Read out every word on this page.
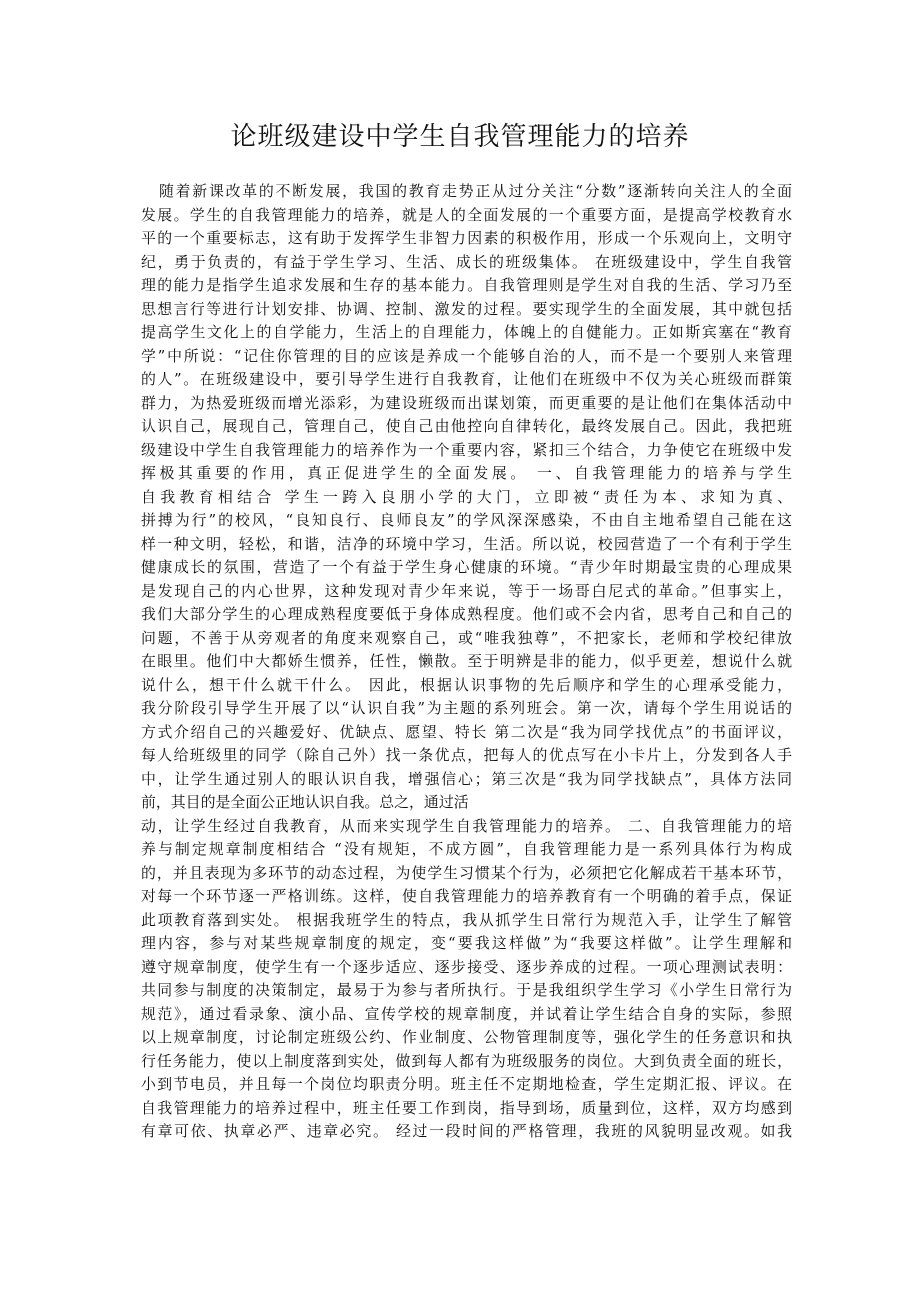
论班级建设中学生自我管理能力的培养
随着新课改革的不断发展，我国的教育走势正从过分关注“分数”逐渐转向关注人的全面
发展。学生的自我管理能力的培养，就是人的全面发展的一个重要方面，是提高学校教育水
平的一个重要标志，这有助于发挥学生非智力因素的积极作用，形成一个乐观向上，文明守
纪，勇于负责的，有益于学生学习、生活、成长的班级集体。 在班级建设中，学生自我管
理的能力是指学生追求发展和生存的基本能力。自我管理则是学生对自我的生活、学习乃至
思想言行等进行计划安排、协调、控制、激发的过程。要实现学生的全面发展，其中就包括
提高学生文化上的自学能力，生活上的自理能力，体魄上的自健能力。正如斯宾塞在“教育
学”中所说：“记住你管理的目的应该是养成一个能够自治的人，而不是一个要别人来管理
的人”。在班级建设中，要引导学生进行自我教育，让他们在班级中不仅为关心班级而群策
群力，为热爱班级而增光添彩，为建设班级而出谋划策，而更重要的是让他们在集体活动中
认识自己，展现自己，管理自己，使自己由他控向自律转化，最终发展自己。因此，我把班
级建设中学生自我管理能力的培养作为一个重要内容，紧扣三个结合，力争使它在班级中发
挥极其重要的作用，真正促进学生的全面发展。 一、自我管理能力的培养与学生
自我教育相结合 学生一跨入良朋小学的大门，立即被“责任为本、求知为真、
拼搏为行”的校风，“良知良行、良师良友”的学风深深感染，不由自主地希望自己能在这
样一种文明，轻松，和谐，洁净的环境中学习，生活。所以说，校园营造了一个有利于学生
健康成长的氛围，营造了一个有益于学生身心健康的环境。“青少年时期最宝贵的心理成果
是发现自己的内心世界，这种发现对青少年来说，等于一场哥白尼式的革命。”但事实上，
我们大部分学生的心理成熟程度要低于身体成熟程度。他们或不会内省，思考自己和自己的
问题，不善于从旁观者的角度来观察自己，或“唯我独尊”，不把家长，老师和学校纪律放
在眼里。他们中大都娇生惯养，任性，懒散。至于明辨是非的能力，似乎更差，想说什么就
说什么，想干什么就干什么。 因此，根据认识事物的先后顺序和学生的心理承受能力，
我分阶段引导学生开展了以“认识自我”为主题的系列班会。第一次，请每个学生用说话的
方式介绍自己的兴趣爱好、优缺点、愿望、特长 第二次是“我为同学找优点”的书面评议，
每人给班级里的同学（除自己外）找一条优点，把每人的优点写在小卡片上，分发到各人手
中，让学生通过别人的眼认识自我，增强信心；第三次是“我为同学找缺点”，具体方法同
前，其目的是全面公正地认识自我。总之，通过活
动，让学生经过自我教育，从而来实现学生自我管理能力的培养。 二、自我管理能力的培
养与制定规章制度相结合 “没有规矩，不成方圆”，自我管理能力是一系列具体行为构成
的，并且表现为多环节的动态过程，为使学生习惯某个行为，必须把它化解成若干基本环节，
对每一个环节逐一严格训练。这样，使自我管理能力的培养教育有一个明确的着手点，保证
此项教育落到实处。 根据我班学生的特点，我从抓学生日常行为规范入手，让学生了解管
理内容，参与对某些规章制度的规定，变“要我这样做”为“我要这样做”。让学生理解和
遵守规章制度，使学生有一个逐步适应、逐步接受、逐步养成的过程。一项心理测试表明：
共同参与制度的决策制定，最易于为参与者所执行。于是我组织学生学习《小学生日常行为
规范》，通过看录象、演小品、宣传学校的规章制度，并试着让学生结合自身的实际，参照
以上规章制度，讨论制定班级公约、作业制度、公物管理制度等，强化学生的任务意识和执
行任务能力，使以上制度落到实处，做到每人都有为班级服务的岗位。大到负责全面的班长，
小到节电员，并且每一个岗位均职责分明。班主任不定期地检查，学生定期汇报、评议。在
自我管理能力的培养过程中，班主任要工作到岗，指导到场，质量到位，这样，双方均感到
有章可依、执章必严、违章必究。 经过一段时间的严格管理，我班的风貌明显改观。如我
